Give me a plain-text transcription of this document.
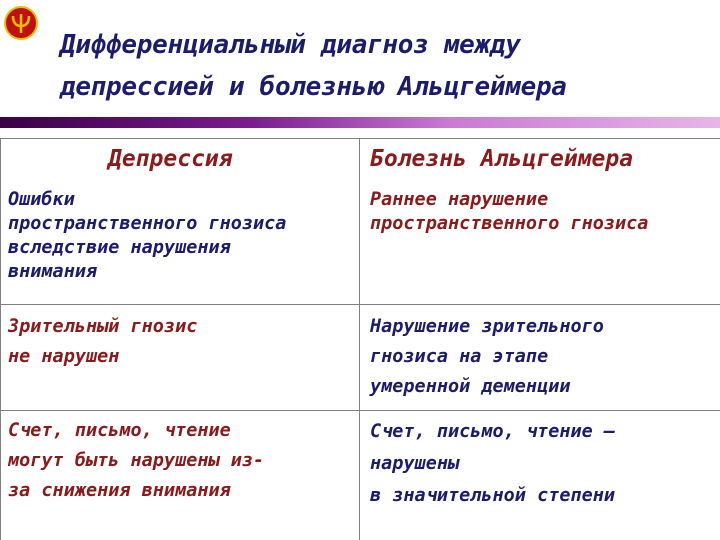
Дифференциальный диагноз между
депрессией и болезнью Альцгеймера
Депрессия	Болезнь Альцгеймера
Ошибки
пространственного гнозиса
вследствие нарушения
внимания
Раннее нарушение
пространственного гнозиса
Зрительный гнозис
не нарушен
Нарушение зрительного
гнозиса на этапе
умеренной деменции
Счет, письмо, чтение
могут быть нарушены из-
за снижения внимания
Счет, письмо, чтение –
нарушены
в значительной степени
